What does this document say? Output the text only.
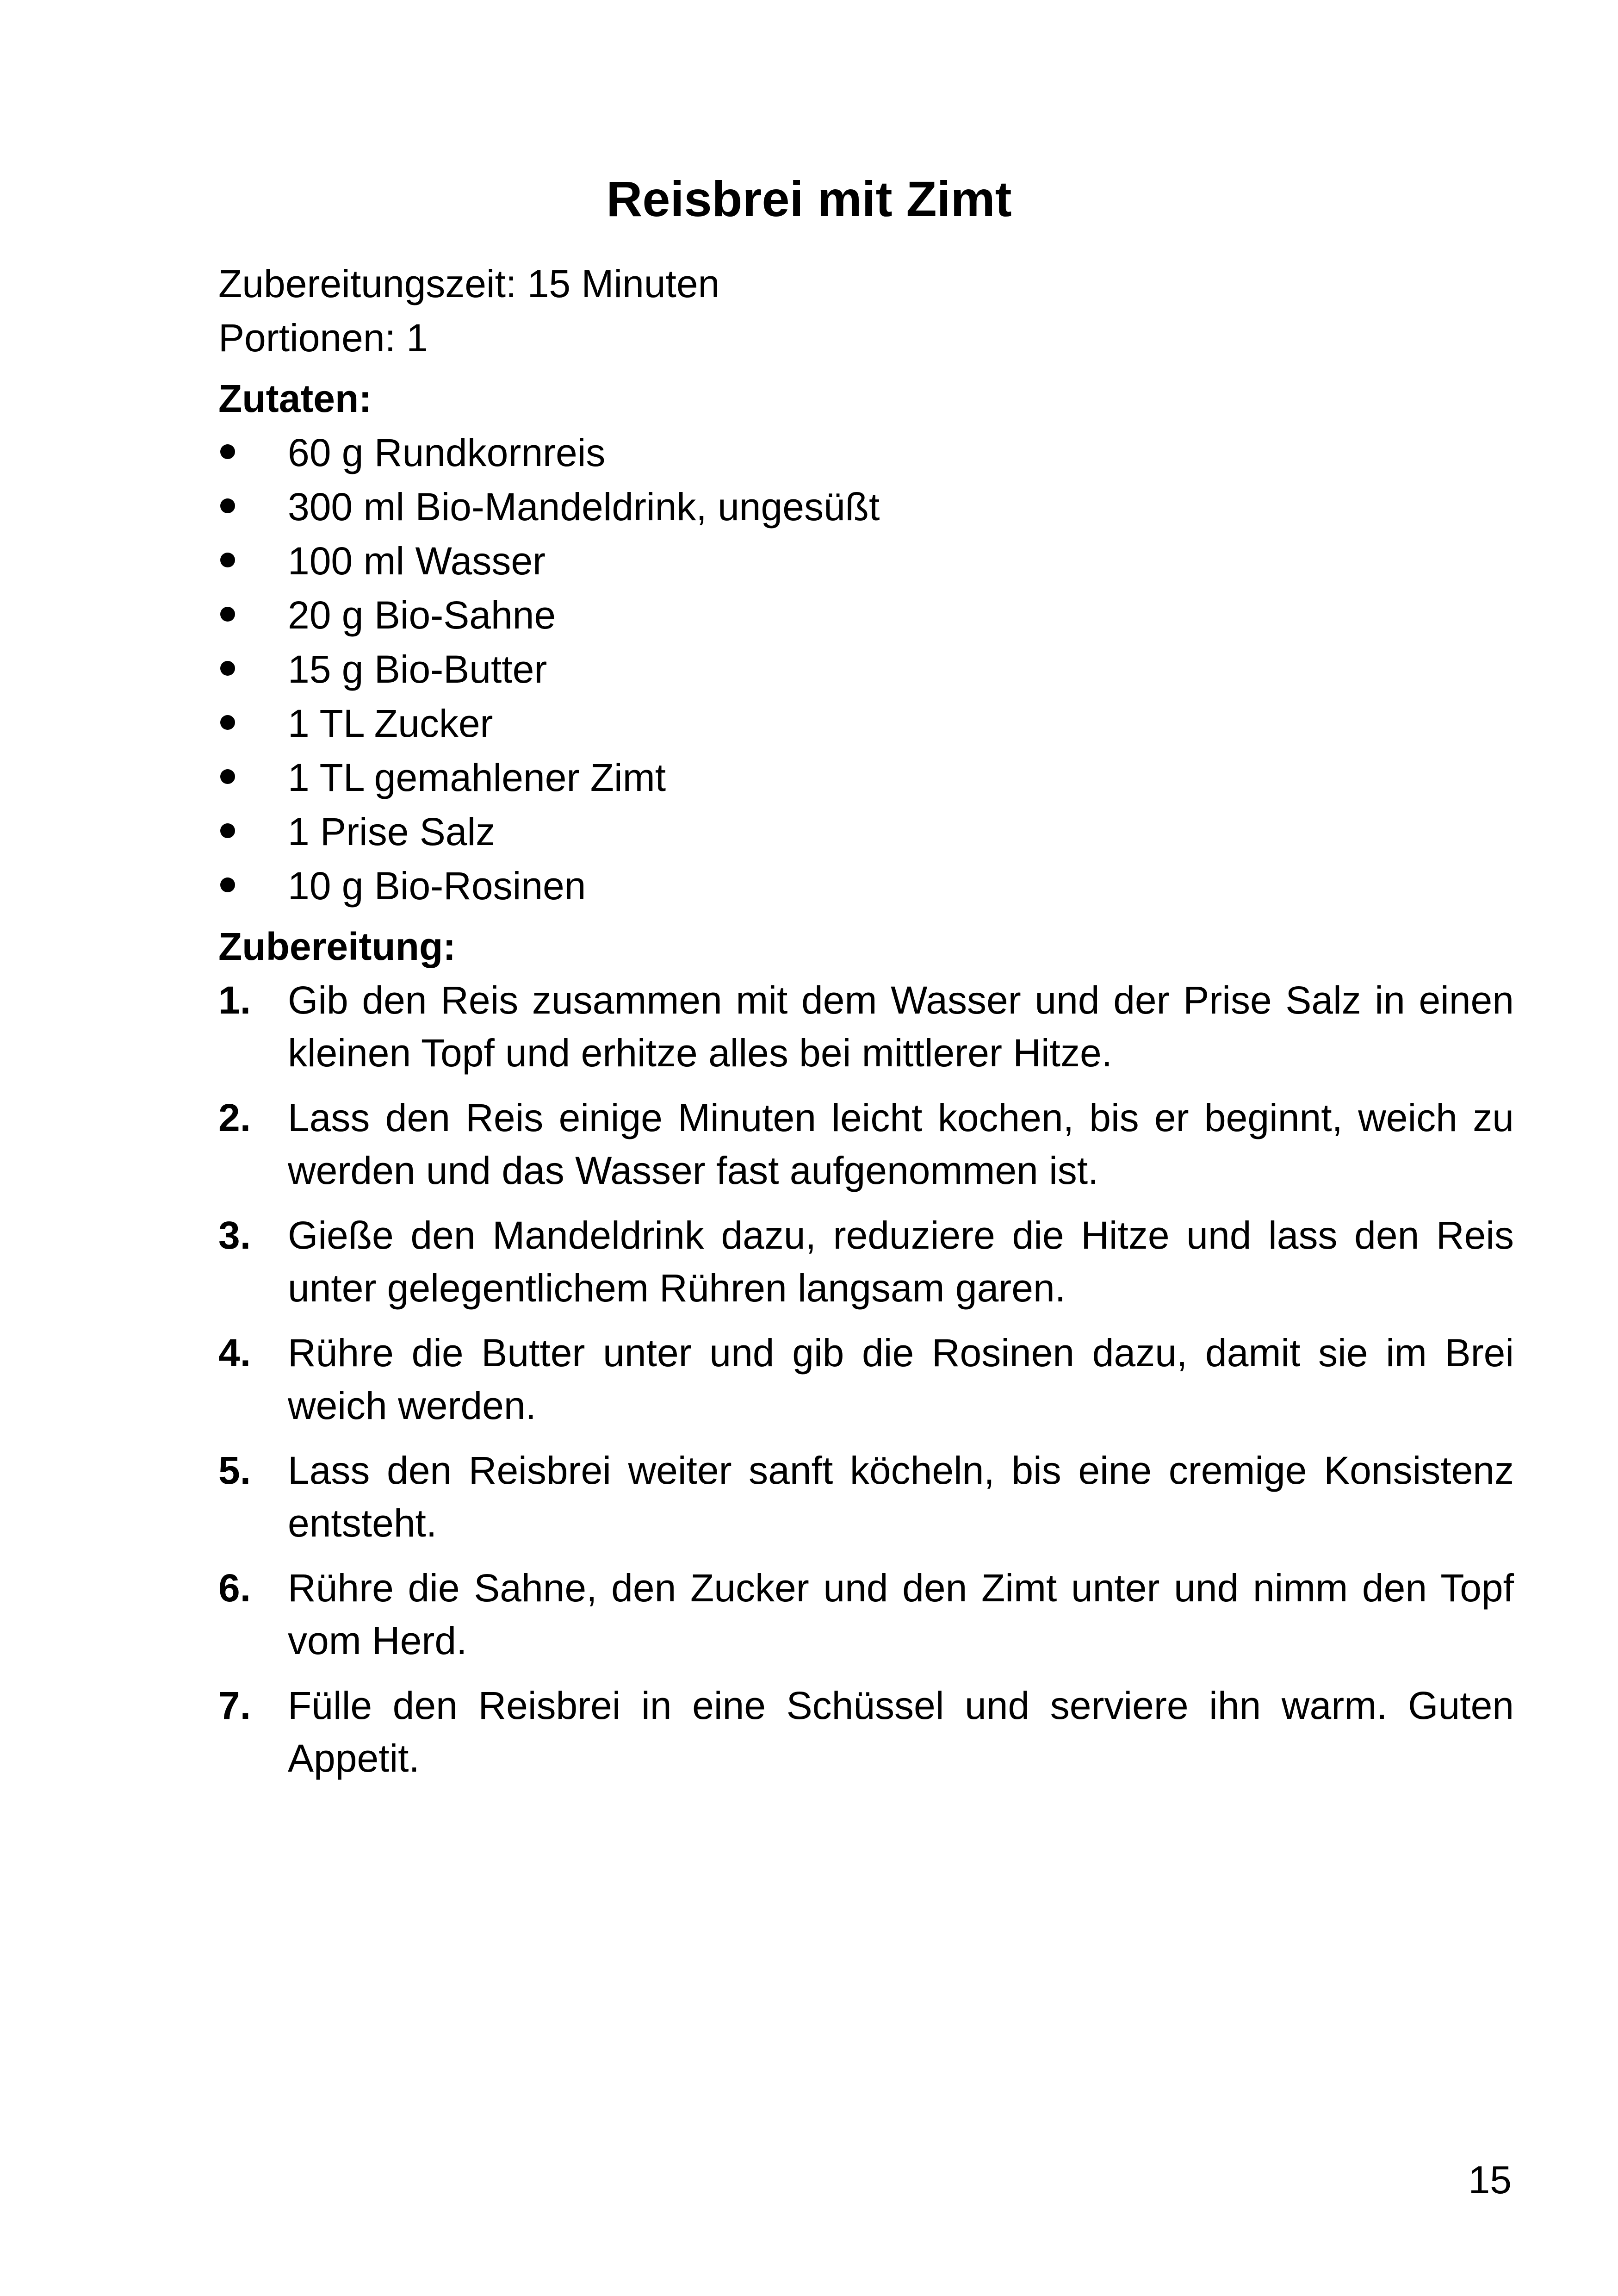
Reisbrei mit Zimt

Zubereitungszeit: 15 Minuten

Portionen: 1

Zutaten:

60 g Rundkornreis
300 ml Bio-Mandeldrink, ungesüßt
100 ml Wasser
20 g Bio-Sahne
15 g Bio-Butter
1 TL Zucker
1 TL gemahlener Zimt
1 Prise Salz
10 g Bio-Rosinen

Zubereitung:

1. Gib den Reis zusammen mit dem Wasser und der Prise Salz in einen kleinen Topf und erhitze alles bei mittlerer Hitze.
2. Lass den Reis einige Minuten leicht kochen, bis er beginnt, weich zu werden und das Wasser fast aufgenommen ist.
3. Gieße den Mandeldrink dazu, reduziere die Hitze und lass den Reis unter gelegentlichem Rühren langsam garen.
4. Rühre die Butter unter und gib die Rosinen dazu, damit sie im Brei weich werden.
5. Lass den Reisbrei weiter sanft köcheln, bis eine cremige Konsistenz entsteht.
6. Rühre die Sahne, den Zucker und den Zimt unter und nimm den Topf vom Herd.
7. Fülle den Reisbrei in eine Schüssel und serviere ihn warm. Guten Appetit.
15
